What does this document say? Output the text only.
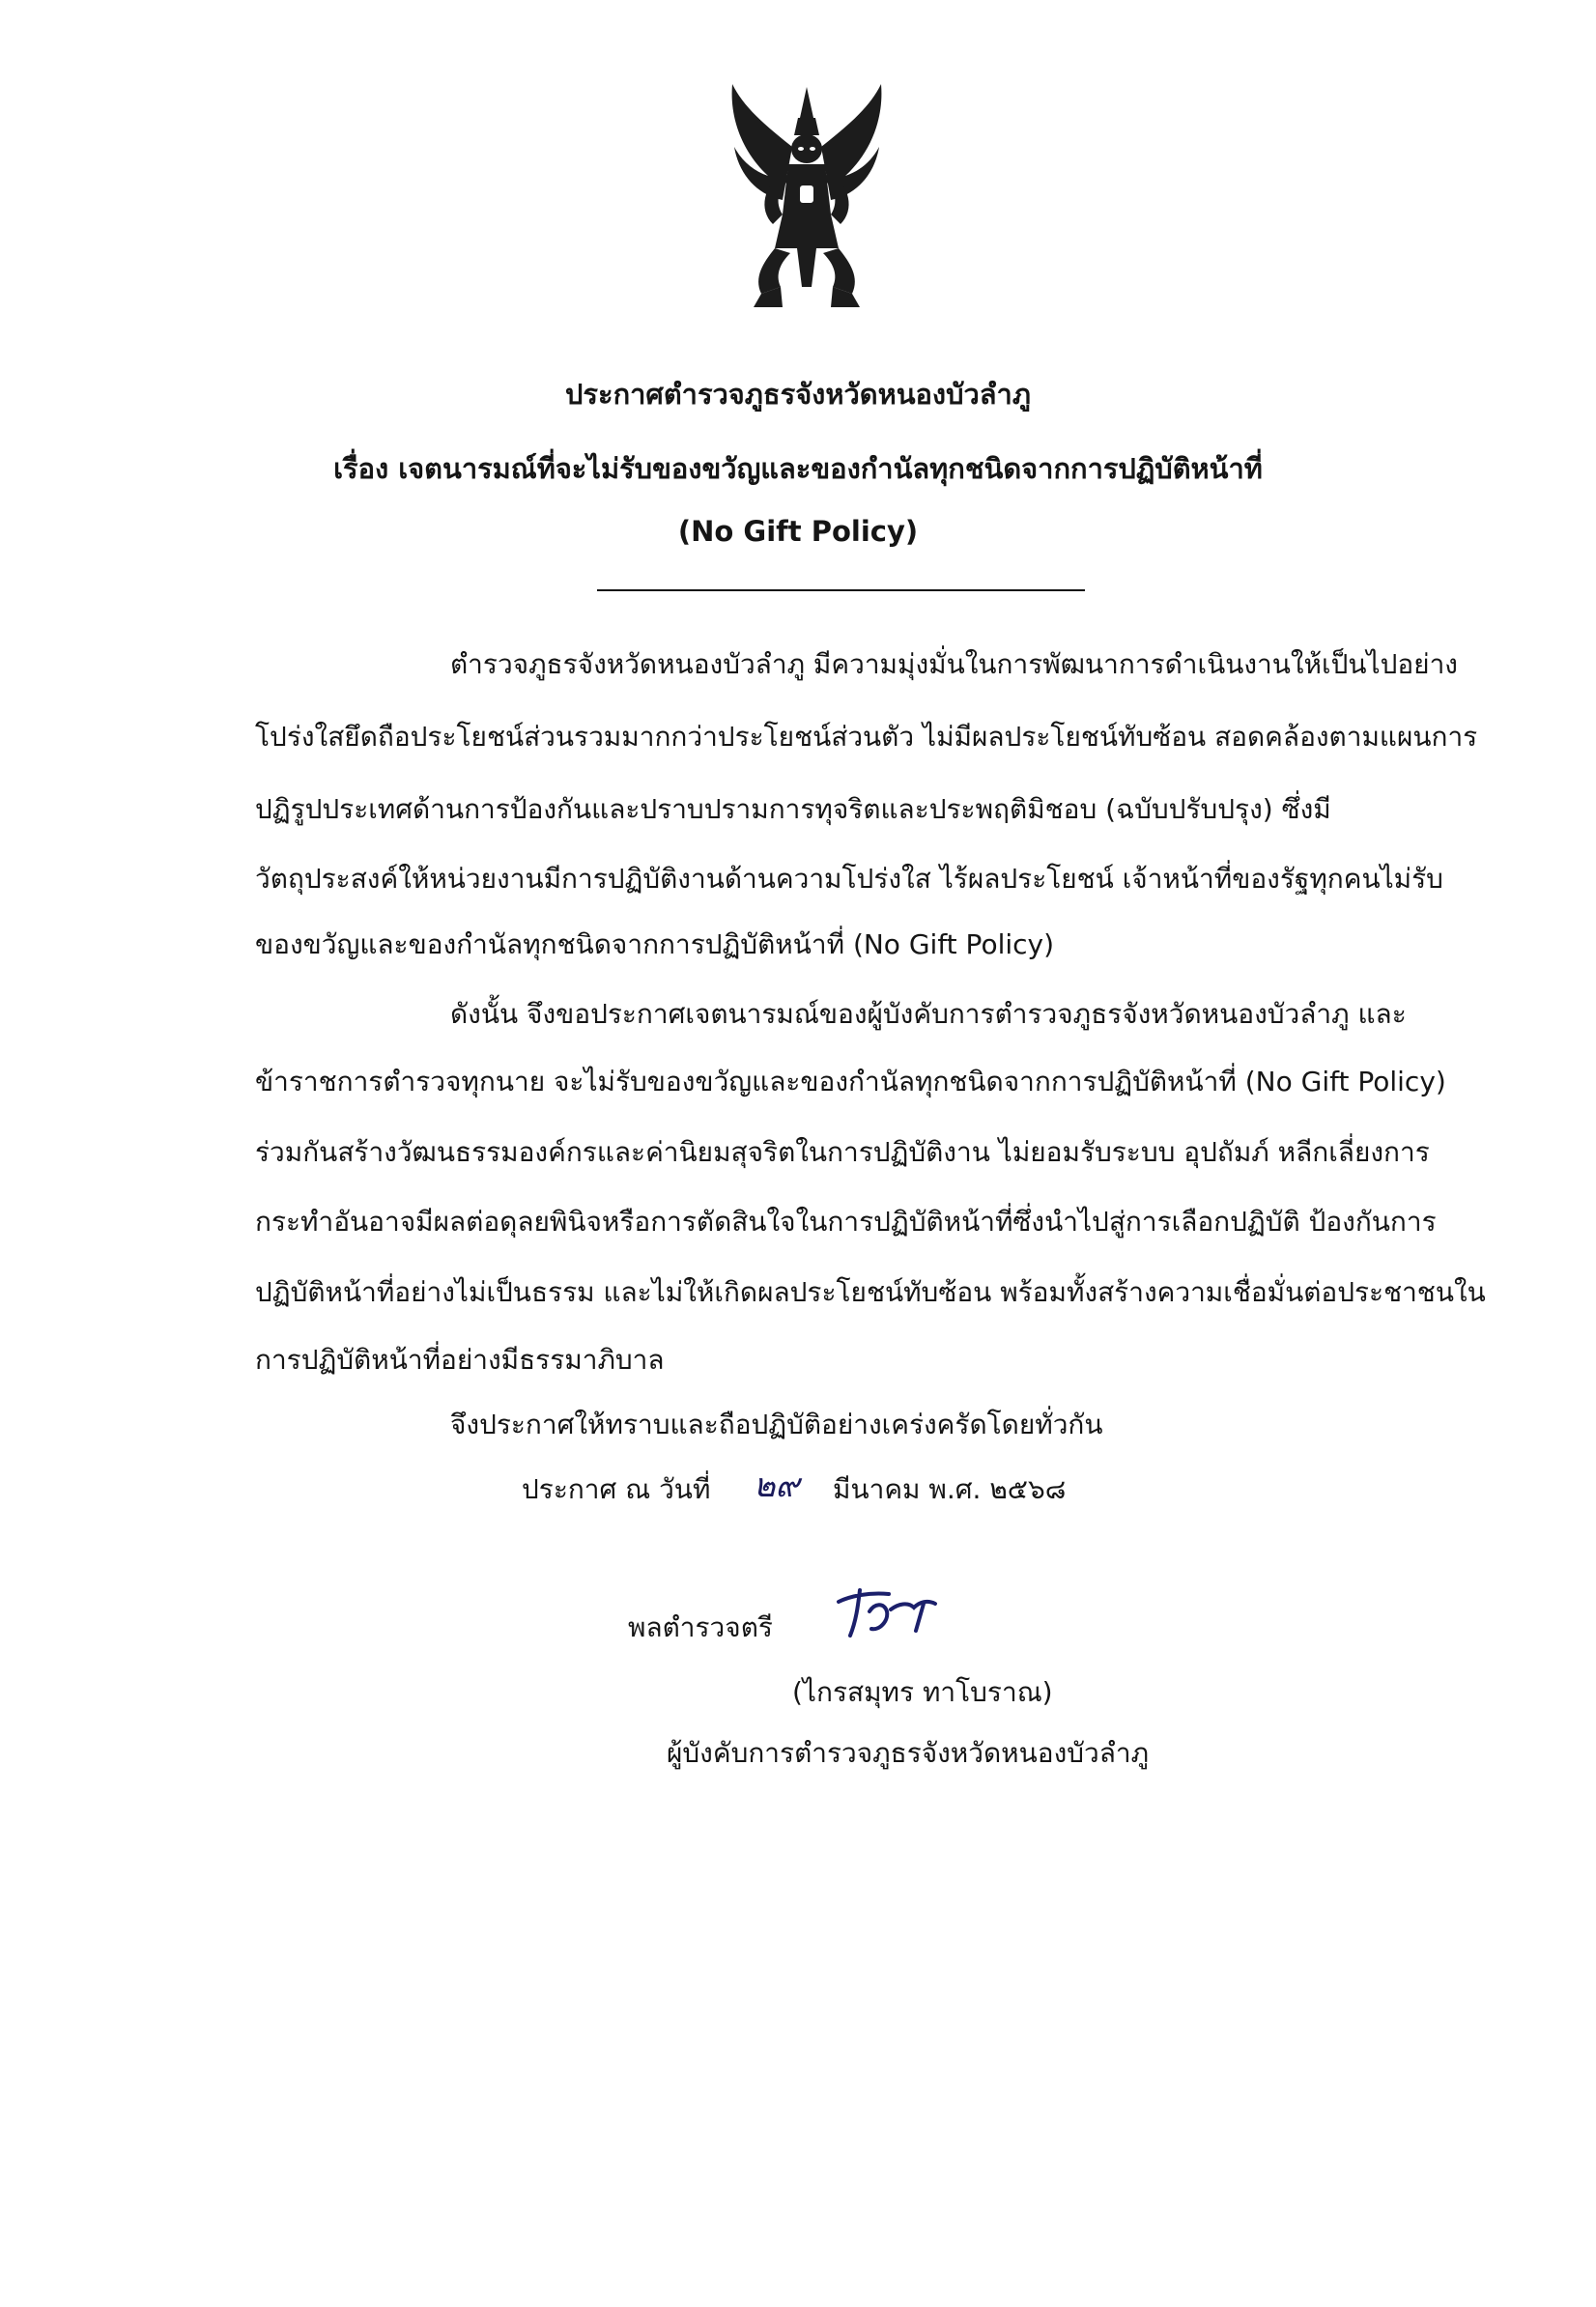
ประกาศตำรวจภูธรจังหวัดหนองบัวลำภู
เรื่อง เจตนารมณ์ที่จะไม่รับของขวัญและของกำนัลทุกชนิดจากการปฏิบัติหน้าที่
(No Gift Policy)
ตำรวจภูธรจังหวัดหนองบัวลำภู มีความมุ่งมั่นในการพัฒนาการดำเนินงานให้เป็นไปอย่าง
โปร่งใสยึดถือประโยชน์ส่วนรวมมากกว่าประโยชน์ส่วนตัว ไม่มีผลประโยชน์ทับซ้อน สอดคล้องตามแผนการ
ปฏิรูปประเทศด้านการป้องกันและปราบปรามการทุจริตและประพฤติมิชอบ (ฉบับปรับปรุง) ซึ่งมี
วัตถุประสงค์ให้หน่วยงานมีการปฏิบัติงานด้านความโปร่งใส ไร้ผลประโยชน์ เจ้าหน้าที่ของรัฐทุกคนไม่รับ
ของขวัญและของกำนัลทุกชนิดจากการปฏิบัติหน้าที่ (No Gift Policy)
ดังนั้น จึงขอประกาศเจตนารมณ์ของผู้บังคับการตำรวจภูธรจังหวัดหนองบัวลำภู และ
ข้าราชการตำรวจทุกนาย จะไม่รับของขวัญและของกำนัลทุกชนิดจากการปฏิบัติหน้าที่ (No Gift Policy)
ร่วมกันสร้างวัฒนธรรมองค์กรและค่านิยมสุจริตในการปฏิบัติงาน ไม่ยอมรับระบบ อุปถัมภ์ หลีกเลี่ยงการ
กระทำอันอาจมีผลต่อดุลยพินิจหรือการตัดสินใจในการปฏิบัติหน้าที่ซึ่งนำไปสู่การเลือกปฏิบัติ ป้องกันการ
ปฏิบัติหน้าที่อย่างไม่เป็นธรรม และไม่ให้เกิดผลประโยชน์ทับซ้อน พร้อมทั้งสร้างความเชื่อมั่นต่อประชาชนใน
การปฏิบัติหน้าที่อย่างมีธรรมาภิบาล
จึงประกาศให้ทราบและถือปฏิบัติอย่างเคร่งครัดโดยทั่วกัน
ประกาศ ณ วันที่ ๒๙ มีนาคม พ.ศ. ๒๕๖๘
พลตำรวจตรี
(ไกรสมุทร ทาโบราณ)
ผู้บังคับการตำรวจภูธรจังหวัดหนองบัวลำภู
